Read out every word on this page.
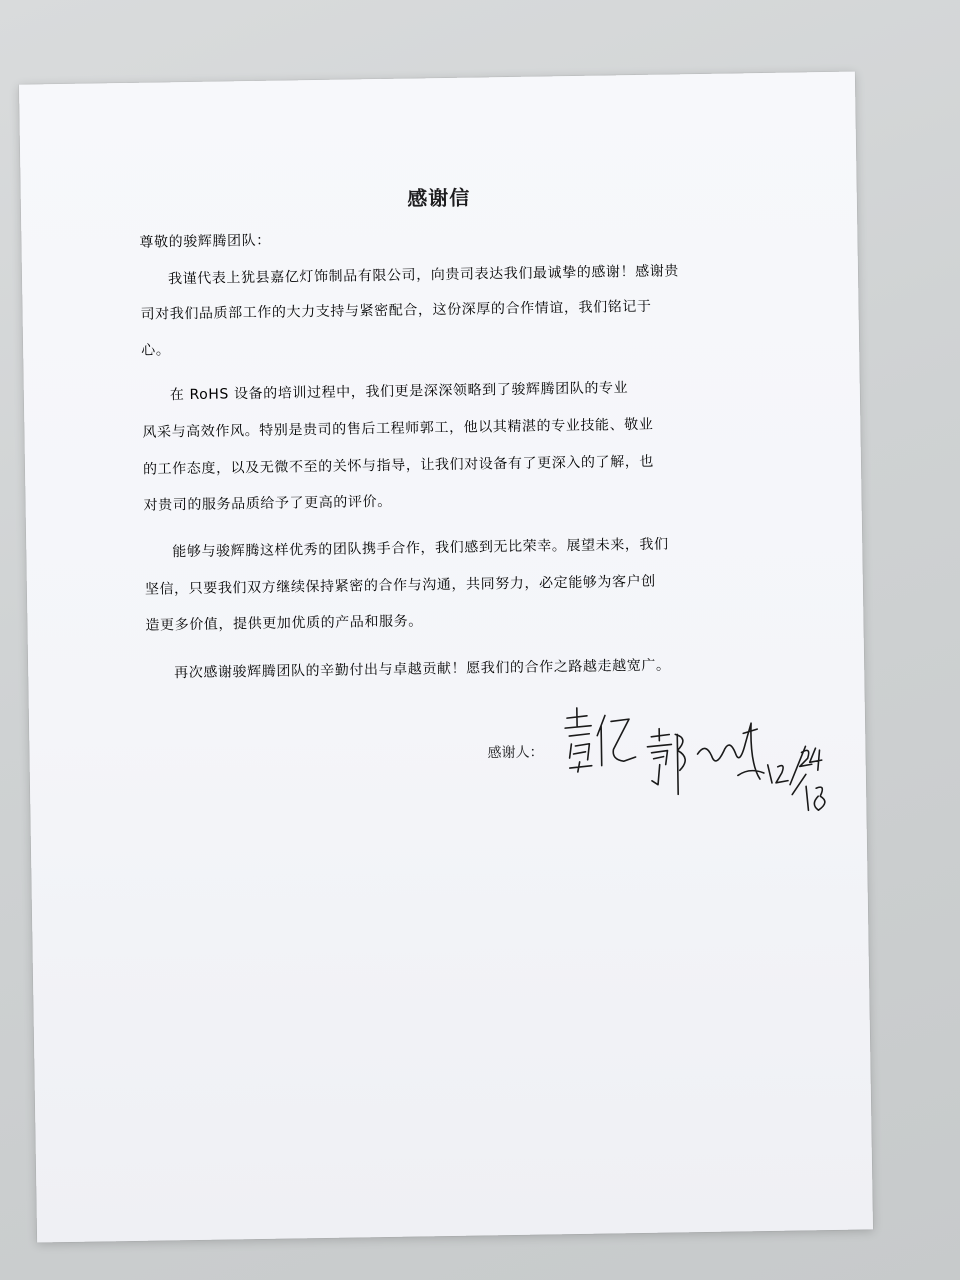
感谢信
尊敬的骏辉腾团队：
我谨代表上犹县嘉亿灯饰制品有限公司，向贵司表达我们最诚挚的感谢！感谢贵
司对我们品质部工作的大力支持与紧密配合，这份深厚的合作情谊，我们铭记于
心。
在 RoHS 设备的培训过程中，我们更是深深领略到了骏辉腾团队的专业
风采与高效作风。特别是贵司的售后工程师郭工，他以其精湛的专业技能、敬业
的工作态度，以及无微不至的关怀与指导，让我们对设备有了更深入的了解，也
对贵司的服务品质给予了更高的评价。
能够与骏辉腾这样优秀的团队携手合作，我们感到无比荣幸。展望未来，我们
坚信，只要我们双方继续保持紧密的合作与沟通，共同努力，必定能够为客户创
造更多价值，提供更加优质的产品和服务。
再次感谢骏辉腾团队的辛勤付出与卓越贡献！愿我们的合作之路越走越宽广。
感谢人：
